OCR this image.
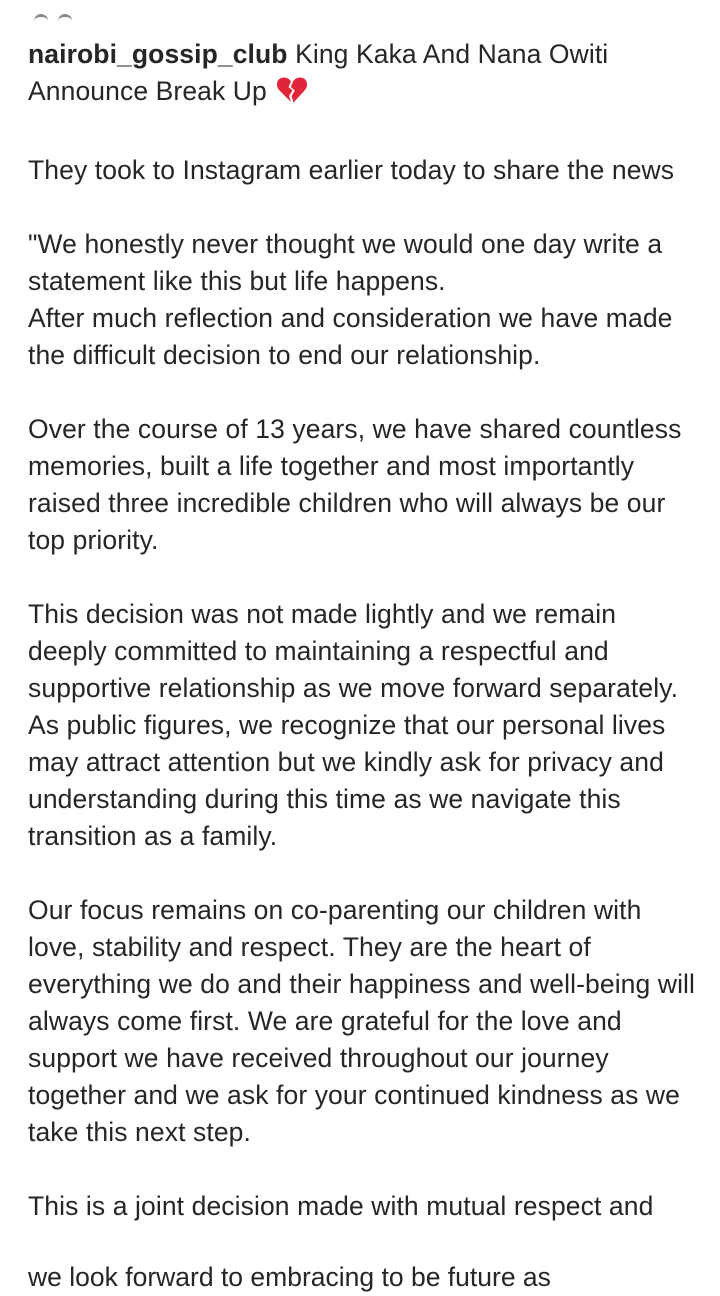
nairobi_gossip_club King Kaka And Nana Owiti Announce Break Up

They took to Instagram earlier today to share the news

"We honestly never thought we would one day write a statement like this but life happens.

After much reflection and consideration we have made the difficult decision to end our relationship.

Over the course of 13 years, we have shared countless memories, built a life together and most importantly raised three incredible children who will always be our top priority.

This decision was not made lightly and we remain deeply committed to maintaining a respectful and supportive relationship as we move forward separately. As public figures, we recognize that our personal lives may attract attention but we kindly ask for privacy and understanding during this time as we navigate this transition as a family.

Our focus remains on co-parenting our children with love, stability and respect. They are the heart of everything we do and their happiness and well-being will always come first. We are grateful for the love and support we have received throughout our journey together and we ask for your continued kindness as we take this next step.

This is a joint decision made with mutual respect and

we look forward to embracing to be future as
